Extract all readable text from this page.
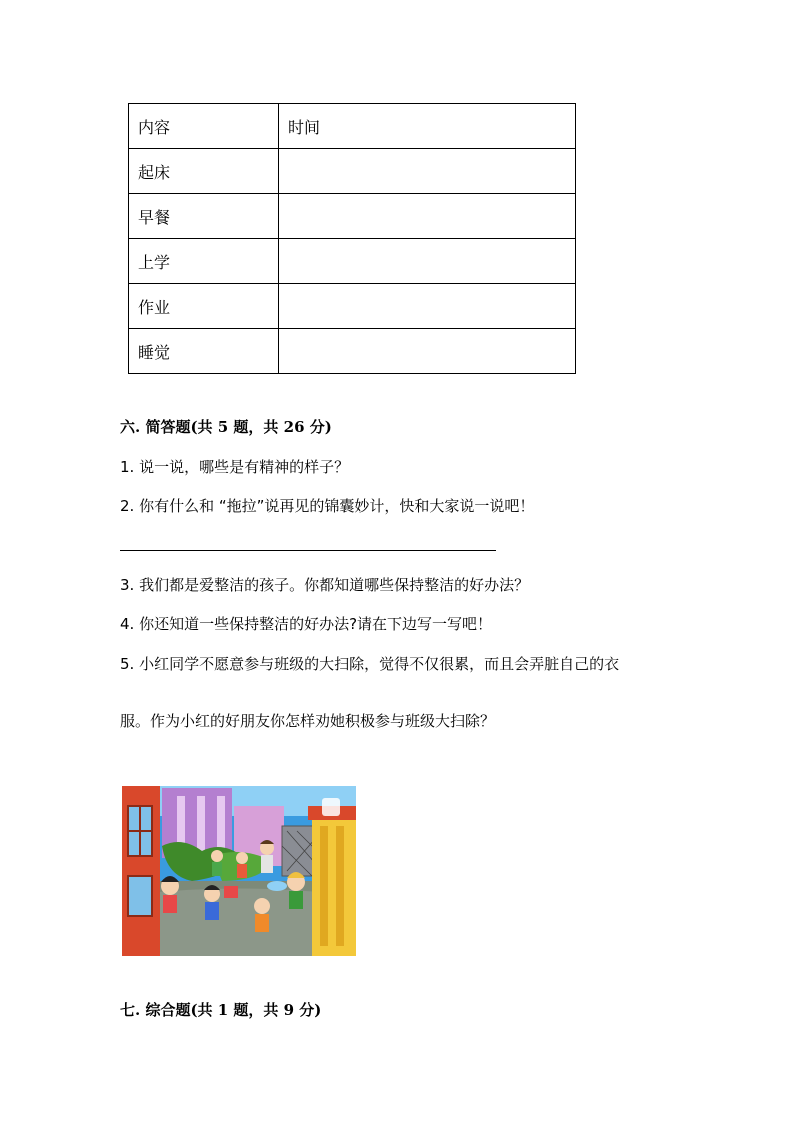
内容	时间
起床	
早餐	
上学	
作业	
睡觉	
六. 简答题(共 5 题，共 26 分)
1. 说一说，哪些是有精神的样子？
2. 你有什么和 “拖拉”说再见的锦囊妙计，快和大家说一说吧！
3. 我们都是爱整洁的孩子。你都知道哪些保持整洁的好办法？
4. 你还知道一些保持整洁的好办法?请在下边写一写吧！
5. 小红同学不愿意参与班级的大扫除，觉得不仅很累，而且会弄脏自己的衣
服。作为小红的好朋友你怎样劝她积极参与班级大扫除？
七. 综合题(共 1 题，共 9 分)
